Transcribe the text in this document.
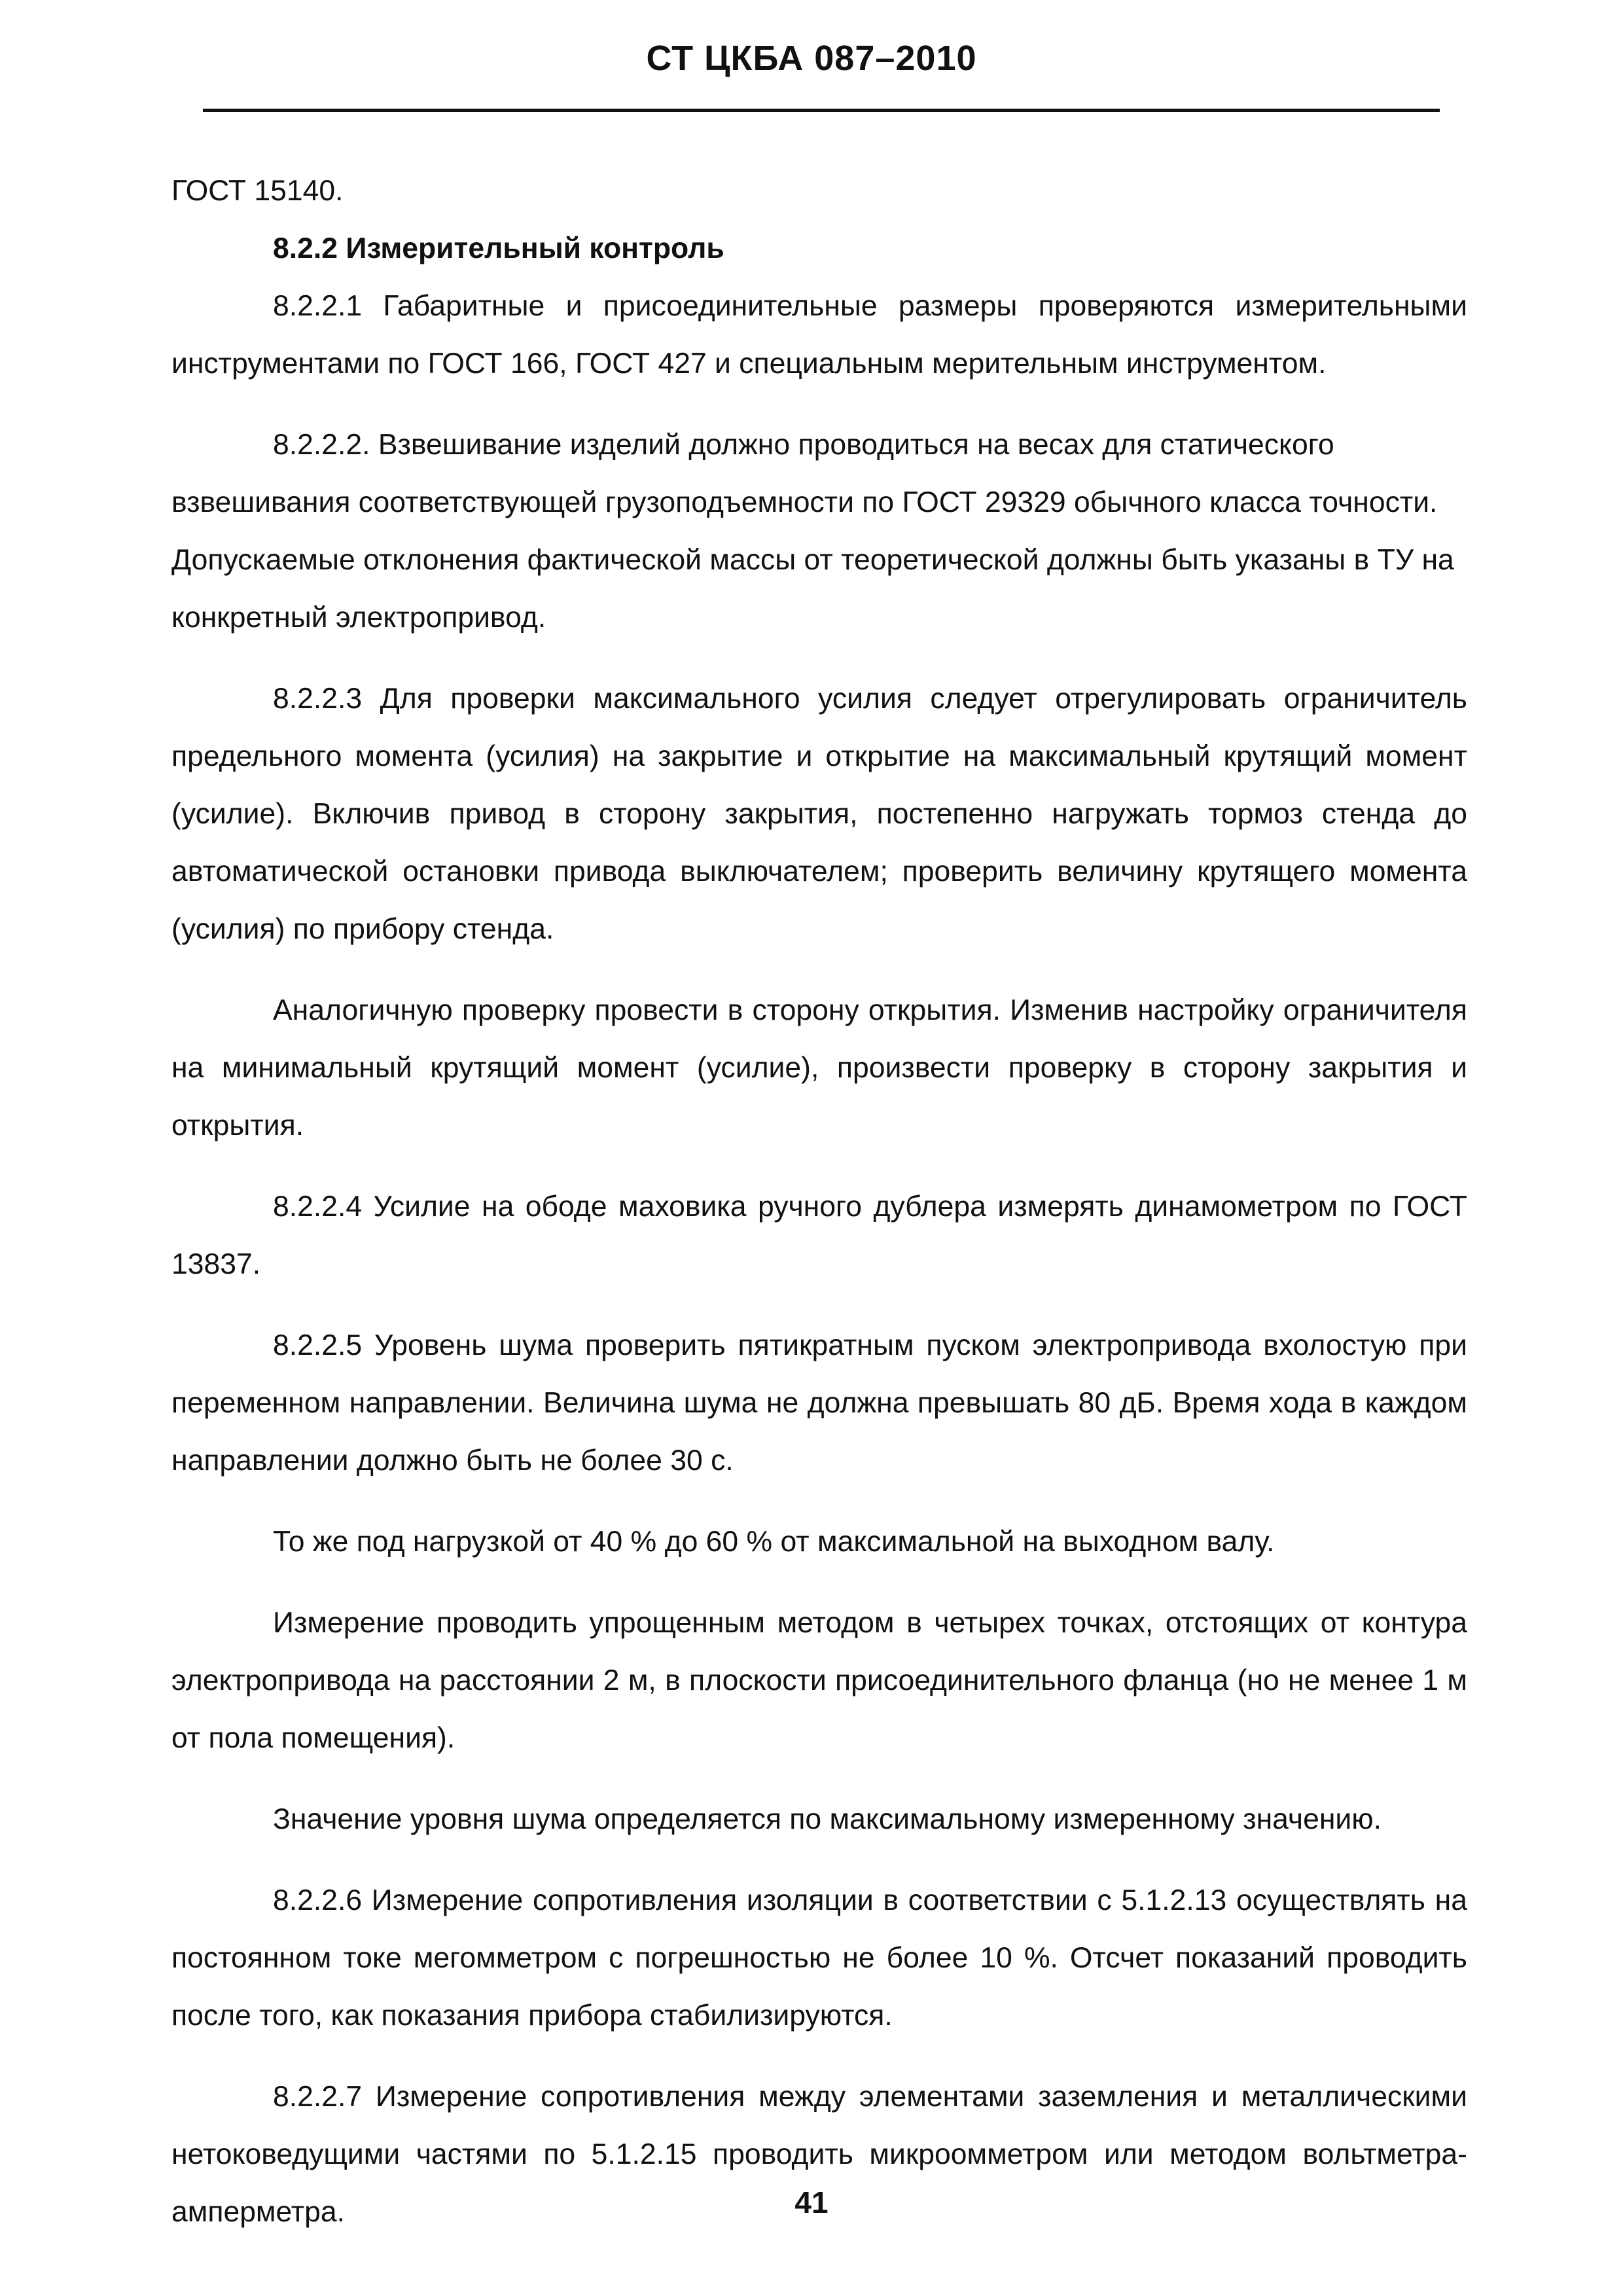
СТ ЦКБА 087–2010

ГОСТ 15140.

8.2.2 Измерительный контроль

8.2.2.1 Габаритные и присоединительные размеры проверяются измерительными инструментами по ГОСТ 166, ГОСТ 427 и специальным мерительным инструментом.

8.2.2.2. Взвешивание изделий должно проводиться на весах для статического

взвешивания соответствующей грузоподъемности по ГОСТ 29329 обычного класса точности. Допускаемые отклонения фактической массы от теоретической должны быть указаны в ТУ на конкретный электропривод.

8.2.2.3 Для проверки максимального усилия следует отрегулировать ограничитель предельного момента (усилия) на закрытие и открытие на максимальный крутящий момент (усилие). Включив привод в сторону закрытия, постепенно нагружать тормоз стенда до автоматической остановки привода выключателем; проверить величину крутящего момента (усилия) по прибору стенда.

Аналогичную проверку провести в сторону открытия. Изменив настройку ограничителя на минимальный крутящий момент (усилие), произвести проверку в сторону закрытия и открытия.

8.2.2.4 Усилие на ободе маховика ручного дублера измерять динамометром по ГОСТ 13837.

8.2.2.5 Уровень шума проверить пятикратным пуском электропривода вхолостую при переменном направлении. Величина шума не должна превышать 80 дБ. Время хода в каждом направлении должно быть не более 30 с.

То же под нагрузкой от 40 % до 60 % от максимальной на выходном валу.

Измерение проводить упрощенным методом в четырех точках, отстоящих от контура электропривода на расстоянии 2 м, в плоскости присоединительного фланца (но не менее 1 м от пола помещения).

Значение уровня шума определяется по максимальному измеренному значению.

8.2.2.6 Измерение сопротивления изоляции в соответствии с 5.1.2.13 осуществлять на постоянном токе мегомметром с погрешностью не более 10 %. Отсчет показаний проводить после того, как показания прибора стабилизируются.

8.2.2.7 Измерение сопротивления между элементами заземления и металлическими нетоковедущими частями по 5.1.2.15 проводить микроомметром или методом вольтметра-амперметра.	41
